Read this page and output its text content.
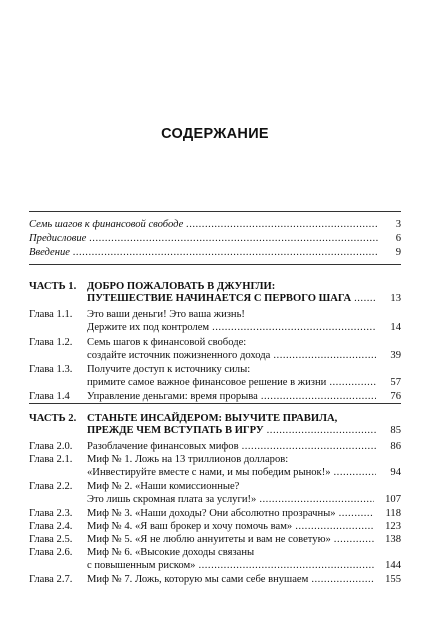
СОДЕРЖАНИЕ
Семь шагов к финансовой свободе .....	3
Предисловие .....	6
Введение .....	9
ЧАСТЬ 1.	ДОБРО ПОЖАЛОВАТЬ В ДЖУНГЛИ:
ПУТЕШЕСТВИЕ НАЧИНАЕТСЯ С ПЕРВОГО ШАГА .....	13
Глава 1.1.	Это ваши деньги! Это ваша жизнь!
Держите их под контролем .....	14
Глава 1.2.	Семь шагов к финансовой свободе:
создайте источник пожизненного дохода .....	39
Глава 1.3.	Получите доступ к источнику силы:
примите самое важное финансовое решение в жизни .....	57
Глава 1.4	Управление деньгами: время прорыва .....	76
ЧАСТЬ 2.	СТАНЬТЕ ИНСАЙДЕРОМ: ВЫУЧИТЕ ПРАВИЛА,
ПРЕЖДЕ ЧЕМ ВСТУПАТЬ В ИГРУ .....	85
Глава 2.0.	Разоблачение финансовых мифов .....	86
Глава 2.1.	Миф № 1. Ложь на 13 триллионов долларов:
«Инвестируйте вместе с нами, и мы победим рынок!» .....	94
Глава 2.2.	Миф № 2. «Наши комиссионные?
Это лишь скромная плата за услуги!» .....	107
Глава 2.3.	Миф № 3. «Наши доходы? Они абсолютно прозрачны» .....	118
Глава 2.4.	Миф № 4. «Я ваш брокер и хочу помочь вам» .....	123
Глава 2.5.	Миф № 5. «Я не люблю аннуитеты и вам не советую» .....	138
Глава 2.6.	Миф № 6. «Высокие доходы связаны
с повышенным риском» .....	144
Глава 2.7.	Миф № 7. Ложь, которую мы сами себе внушаем .....	155
